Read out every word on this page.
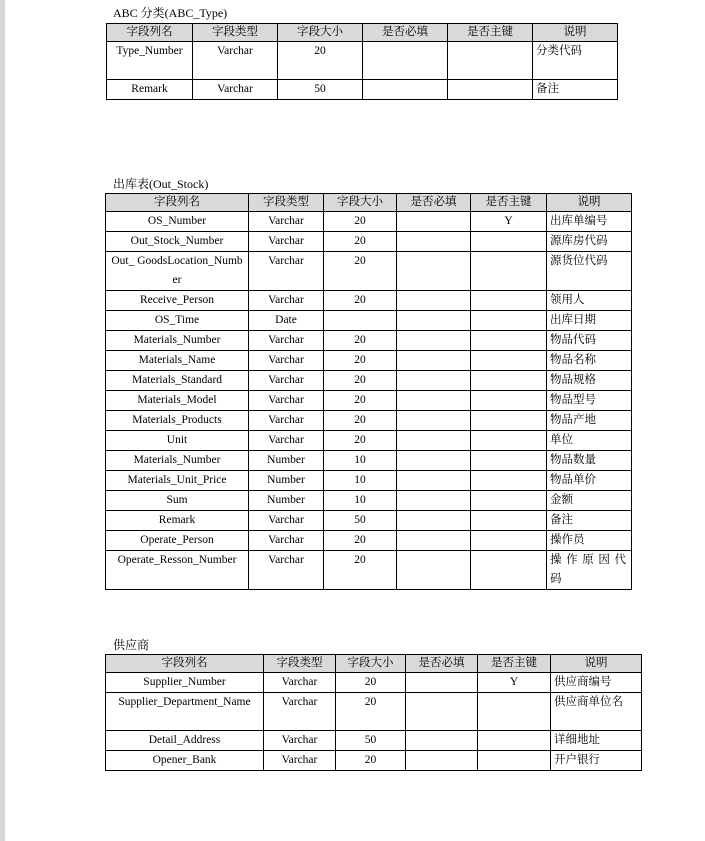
ABC 分类(ABC_Type)
字段列名	字段类型	字段大小	是否必填	是否主键	说明
Type_Number	Varchar	20			分类代码
Remark	Varchar	50			备注
出库表(Out_Stock)
字段列名	字段类型	字段大小	是否必填	是否主键	说明
OS_Number	Varchar	20		Y	出库单编号
Out_Stock_Number	Varchar	20			源库房代码
Out_ GoodsLocation_Number	Varchar	20			源货位代码
Receive_Person	Varchar	20			领用人
OS_Time	Date				出库日期
Materials_Number	Varchar	20			物品代码
Materials_Name	Varchar	20			物品名称
Materials_Standard	Varchar	20			物品规格
Materials_Model	Varchar	20			物品型号
Materials_Products	Varchar	20			物品产地
Unit	Varchar	20			单位
Materials_Number	Number	10			物品数量
Materials_Unit_Price	Number	10			物品单价
Sum	Number	10			金额
Remark	Varchar	50			备注
Operate_Person	Varchar	20			操作员
Operate_Resson_Number	Varchar	20			操作原因代码
供应商
字段列名	字段类型	字段大小	是否必填	是否主键	说明
Supplier_Number	Varchar	20		Y	供应商编号
Supplier_Department_Name	Varchar	20			供应商单位名
Detail_Address	Varchar	50			详细地址
Opener_Bank	Varchar	20			开户银行
